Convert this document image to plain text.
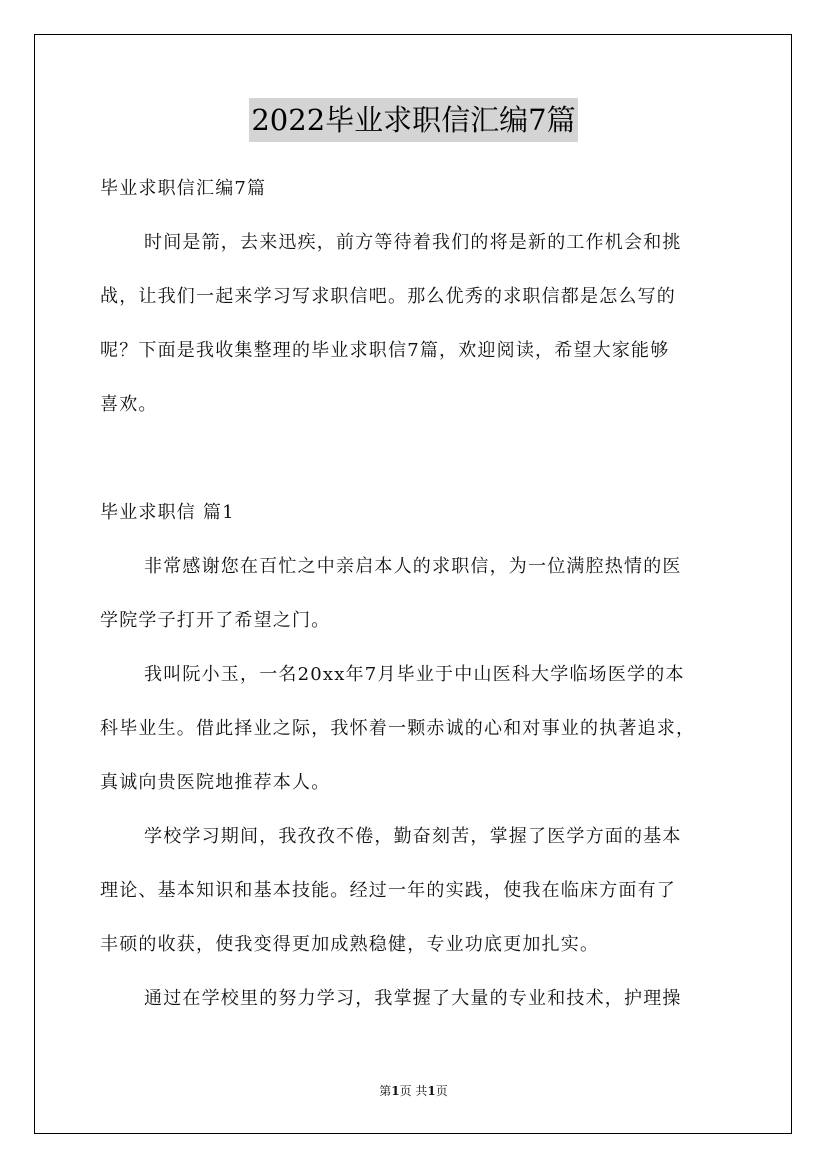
2022毕业求职信汇编7篇

毕业求职信汇编7篇

时间是箭，去来迅疾，前方等待着我们的将是新的工作机会和挑

战，让我们一起来学习写求职信吧。那么优秀的求职信都是怎么写的

呢？下面是我收集整理的毕业求职信7篇，欢迎阅读，希望大家能够

喜欢。

毕业求职信 篇1

非常感谢您在百忙之中亲启本人的求职信，为一位满腔热情的医

学院学子打开了希望之门。

我叫阮小玉，一名20xx年7月毕业于中山医科大学临场医学的本

科毕业生。借此择业之际，我怀着一颗赤诚的心和对事业的执著追求，

真诚向贵医院地推荐本人。

学校学习期间，我孜孜不倦，勤奋刻苦，掌握了医学方面的基本

理论、基本知识和基本技能。经过一年的实践，使我在临床方面有了

丰硕的收获，使我变得更加成熟稳健，专业功底更加扎实。

通过在学校里的努力学习，我掌握了大量的专业和技术，护理操

第1页 共1页
